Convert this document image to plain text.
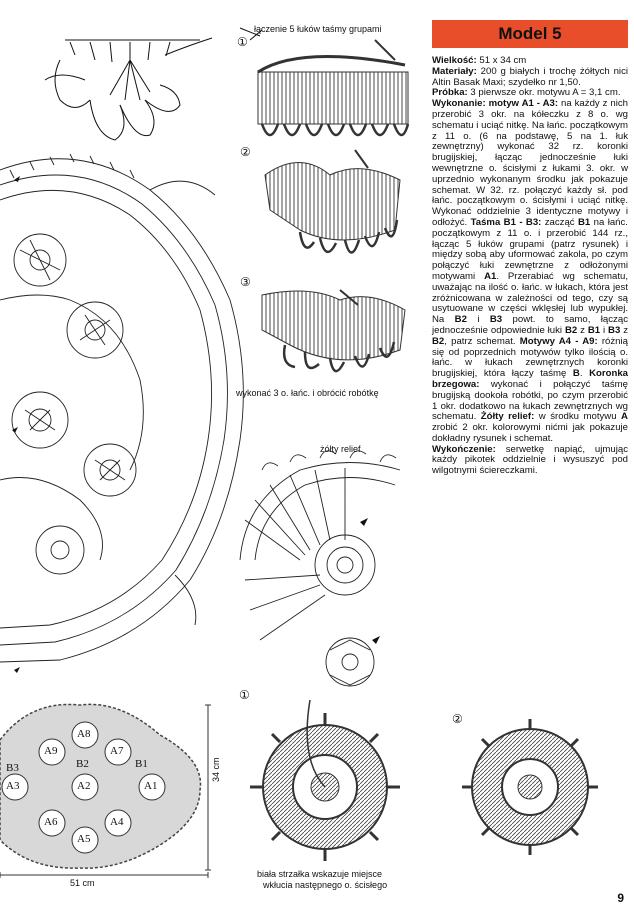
A8
A9	A7
B2
B3	B1
A3	A2	A1
A6	A4
A5
51 cm
34 cm
łączenie 5 łuków taśmy grupami
wykonać 3 o. łańc. i obrócić robótkę
żółty relief
biała strzałka wskazuje miejsce
wkłucia następnego o. ścisłego
①
②
③
①
②
Model 5

Wielkość: 51 x 34 cm

Materiały: 200 g białych i trochę żółtych nici Altin Basak Maxi; szydełko nr 1,50.

Próbka: 3 pierwsze okr. motywu A = 3,1 cm.

Wykonanie: motyw A1 - A3: na każdy z nich przerobić 3 okr. na kółeczku z 8 o. wg schematu i uciąć nitkę. Na łańc. początkowym z 11 o. (6 na podstawę, 5 na 1. łuk zewnętrzny) wykonać 32 rz. koronki brugijskiej, łącząc jednocześnie łuki wewnętrzne o. ścisłymi z łukami 3. okr. w uprzednio wykonanym środku jak pokazuje schemat. W 32. rz. połączyć każdy sł. pod łańc. początkowym o. ścisłymi i uciąć nitkę. Wykonać oddzielnie 3 identyczne motywy i odłożyć. Taśma B1 - B3: zacząć B1 na łańc. początkowym z 11 o. i przerobić 144 rz., łącząc 5 łuków grupami (patrz rysunek) i między sobą aby uformować zakola, po czym połączyć łuki zewnętrzne z odłożonymi motywami A1. Przerabiać wg schematu, uważając na ilość o. łańc. w łukach, która jest zróżnicowana w zależności od tego, czy są usytuowane w części wklęsłej lub wypukłej. Na B2 i B3 powt. to samo, łącząc jednocześnie odpowiednie łuki B2 z B1 i B3 z B2, patrz schemat. Motywy A4 - A9: różnią się od poprzednich motywów tylko ilością o. łańc. w łukach zewnętrznych koronki brugijskiej, która łączy taśmę B. Koronka brzegowa: wykonać i połączyć taśmę brugijską dookoła robótki, po czym przerobić 1 okr. dodatkowo na łukach zewnętrznych wg schematu. Żółty relief: w środku motywu A zrobić 2 okr. kolorowymi nićmi jak pokazuje dokładny rysunek i schemat.

Wykończenie: serwetkę napiąć, ujmując każdy pikotek oddzielnie i wysuszyć pod wilgotnymi ściereczkami.

9
